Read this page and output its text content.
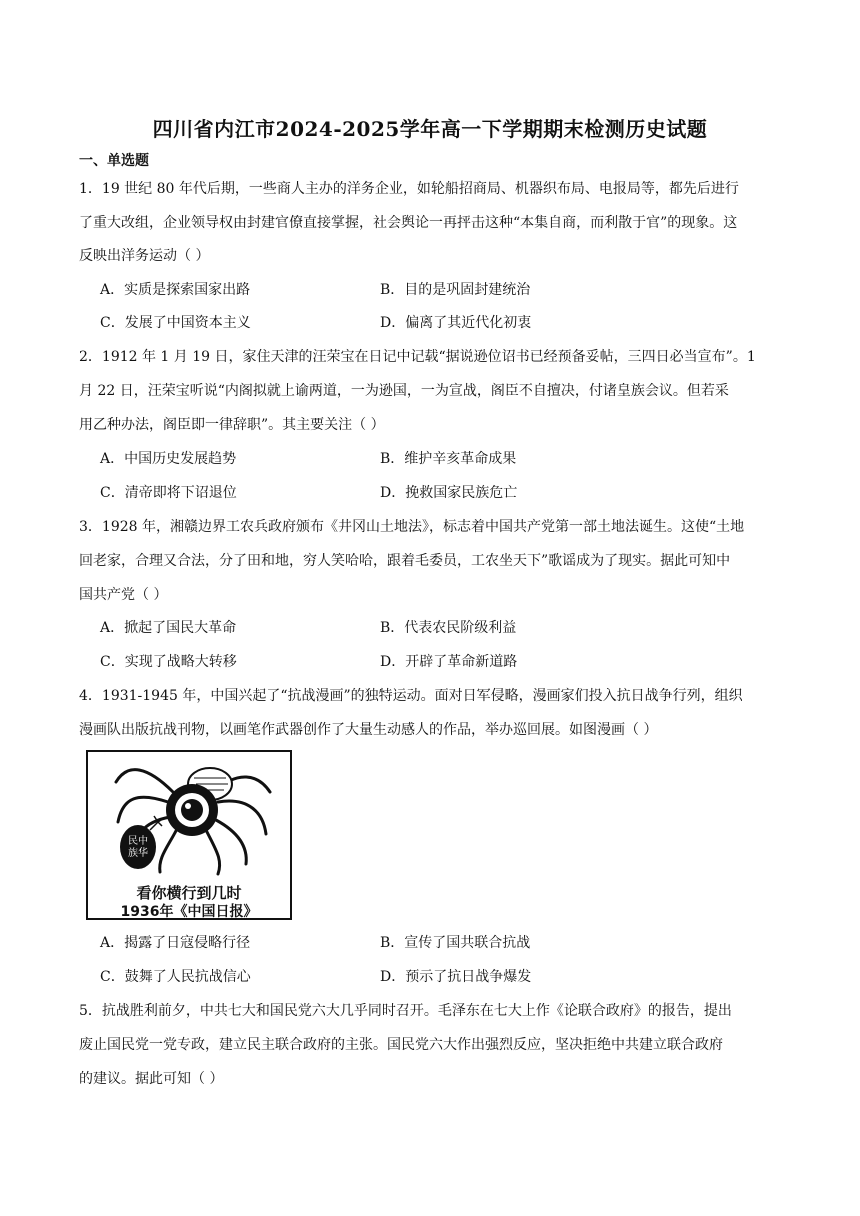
四川省内江市2024-2025学年高一下学期期末检测历史试题
一、单选题
1．19 世纪 80 年代后期，一些商人主办的洋务企业，如轮船招商局、机器织布局、电报局等，都先后进行
了重大改组，企业领导权由封建官僚直接掌握，社会舆论一再抨击这种“本集自商，而利散于官”的现象。这
反映出洋务运动（ ）
A．实质是探索国家出路	B．目的是巩固封建统治
C．发展了中国资本主义	D．偏离了其近代化初衷
2．1912 年 1 月 19 日，家住天津的汪荣宝在日记中记载“据说逊位诏书已经预备妥帖，三四日必当宣布”。1
月 22 日，汪荣宝听说“内阁拟就上谕两道，一为逊国，一为宣战，阁臣不自擅决，付诸皇族会议。但若采
用乙种办法，阁臣即一律辞职”。其主要关注（ ）
A．中国历史发展趋势	B．维护辛亥革命成果
C．清帝即将下诏退位	D．挽救国家民族危亡
3．1928 年，湘赣边界工农兵政府颁布《井冈山土地法》，标志着中国共产党第一部土地法诞生。这使“土地
回老家，合理又合法，分了田和地，穷人笑哈哈，跟着毛委员，工农坐天下”歌谣成为了现实。据此可知中
国共产党（ ）
A．掀起了国民大革命	B．代表农民阶级利益
C．实现了战略大转移	D．开辟了革命新道路
4．1931-1945 年，中国兴起了“抗战漫画”的独特运动。面对日军侵略，漫画家们投入抗日战争行列，组织
漫画队出版抗战刊物，以画笔作武器创作了大量生动感人的作品，举办巡回展。如图漫画（ ）
民中
族华
看你横行到几时
1936年《中国日报》
A．揭露了日寇侵略行径	B．宣传了国共联合抗战
C．鼓舞了人民抗战信心	D．预示了抗日战争爆发
5．抗战胜利前夕，中共七大和国民党六大几乎同时召开。毛泽东在七大上作《论联合政府》的报告，提出
废止国民党一党专政，建立民主联合政府的主张。国民党六大作出强烈反应，坚决拒绝中共建立联合政府
的建议。据此可知（ ）
